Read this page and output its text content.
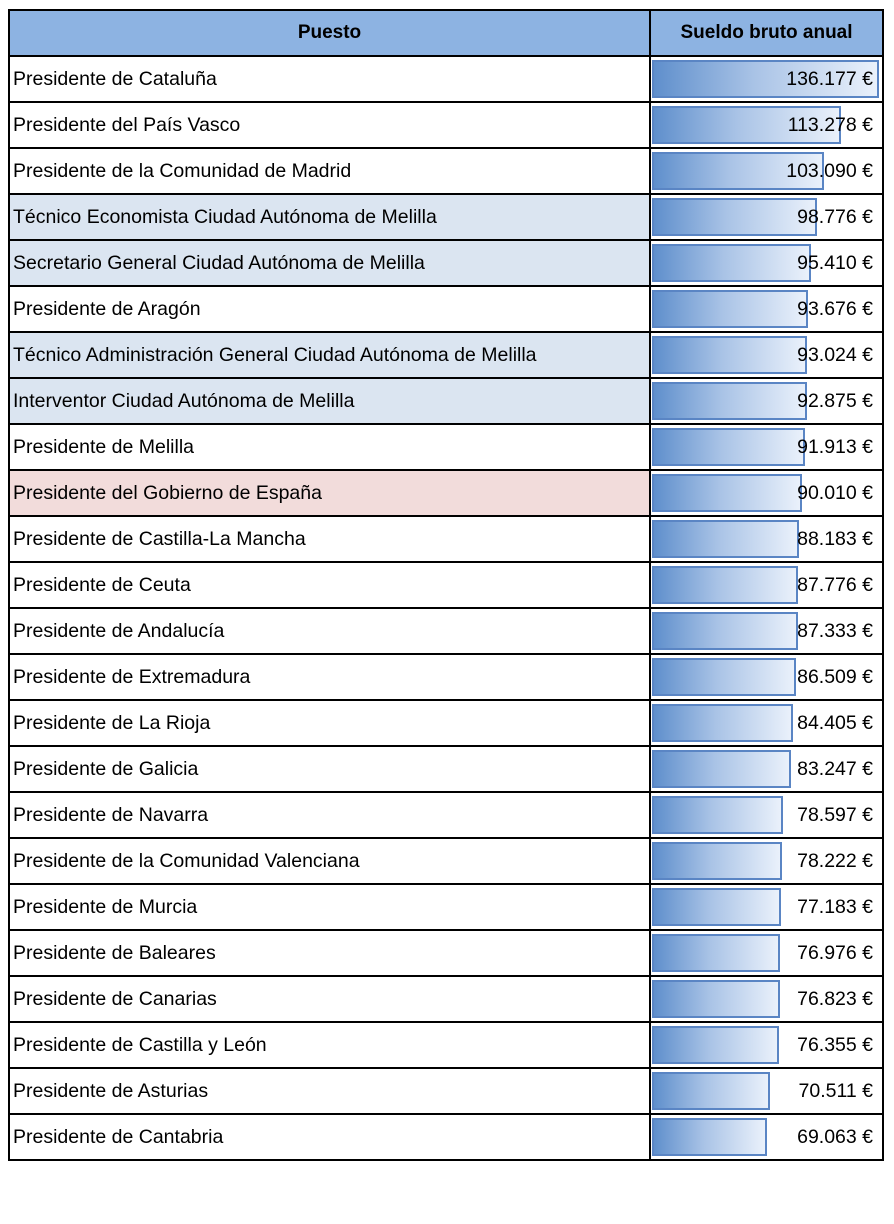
Puesto	Sueldo bruto anual
Presidente de Cataluña	136.177 €

Presidente del País Vasco	113.278 €

Presidente de la Comunidad de Madrid	103.090 €

Técnico Economista Ciudad Autónoma de Melilla	98.776 €

Secretario General Ciudad Autónoma de Melilla	95.410 €

Presidente de Aragón	93.676 €

Técnico Administración General Ciudad Autónoma de Melilla	93.024 €

Interventor Ciudad Autónoma de Melilla	92.875 €

Presidente de Melilla	91.913 €

Presidente del Gobierno de España	90.010 €

Presidente de Castilla-La Mancha	88.183 €

Presidente de Ceuta	87.776 €

Presidente de Andalucía	87.333 €

Presidente de Extremadura	86.509 €

Presidente de La Rioja	84.405 €

Presidente de Galicia	83.247 €

Presidente de Navarra	78.597 €

Presidente de la Comunidad Valenciana	78.222 €

Presidente de Murcia	77.183 €

Presidente de Baleares	76.976 €

Presidente de Canarias	76.823 €

Presidente de Castilla y León	76.355 €

Presidente de Asturias	70.511 €

Presidente de Cantabria	69.063 €
